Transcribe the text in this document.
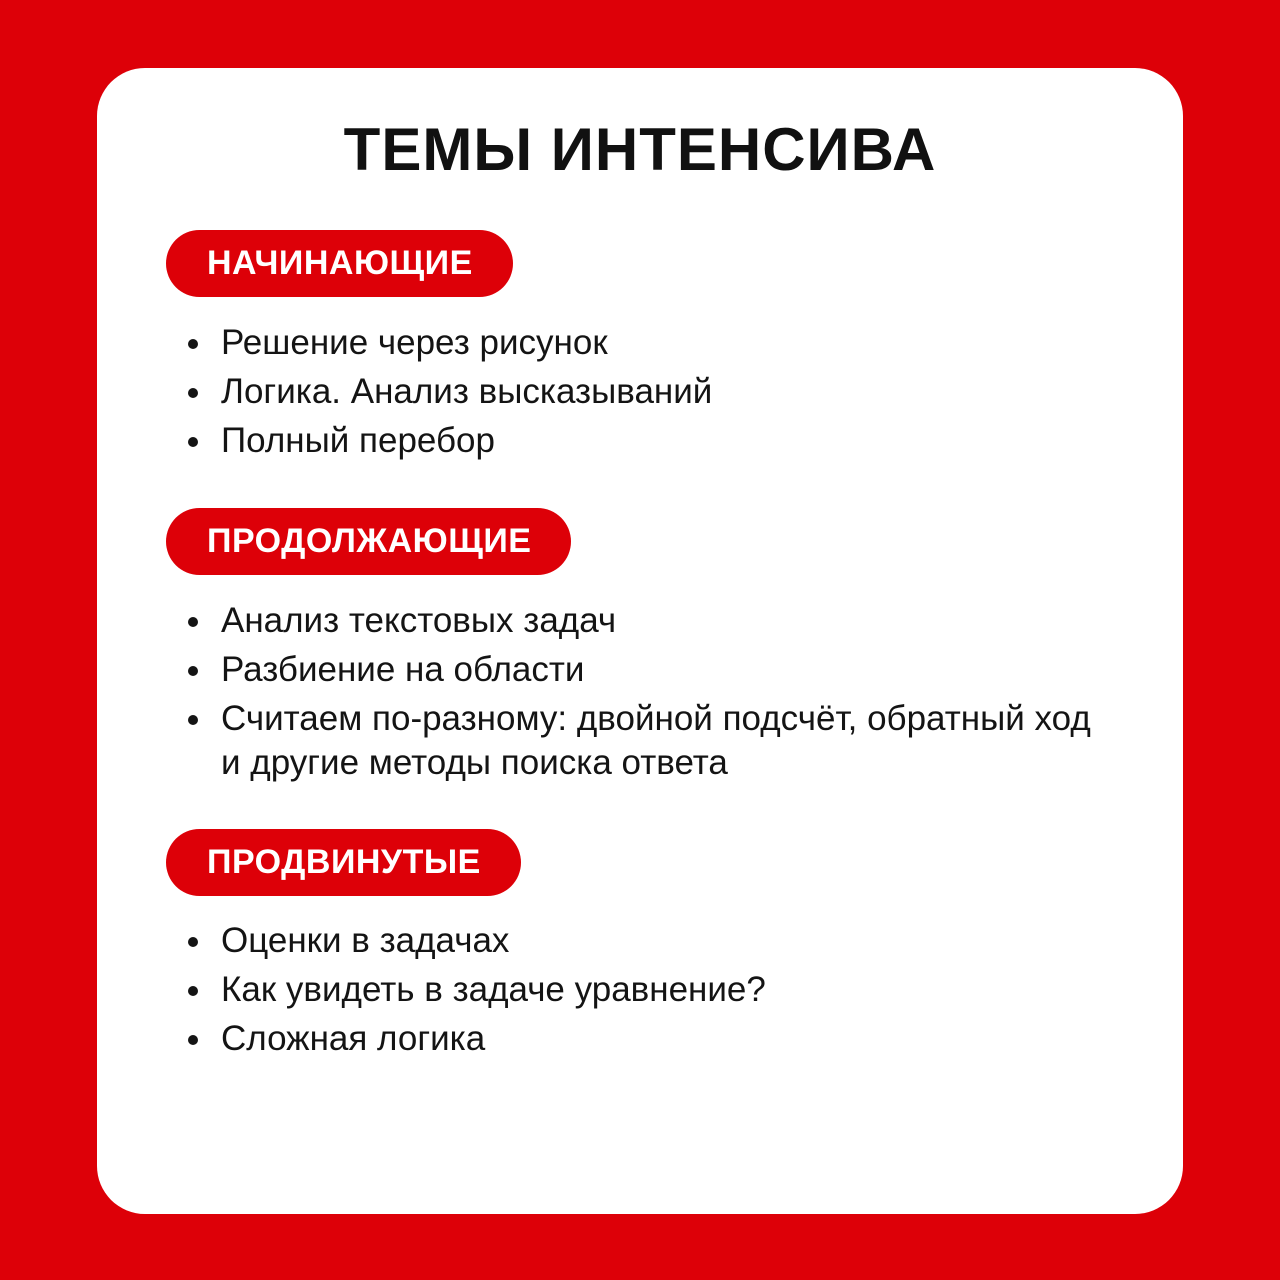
ТЕМЫ ИНТЕНСИВА
НАЧИНАЮЩИЕ
Решение через рисунок
Логика. Анализ высказываний
Полный перебор
ПРОДОЛЖАЮЩИЕ
Анализ текстовых задач
Разбиение на области
Считаем по-разному: двойной подсчёт, обратный ход и другие методы поиска ответа
ПРОДВИНУТЫЕ
Оценки в задачах
Как увидеть в задаче уравнение?
Сложная логика
